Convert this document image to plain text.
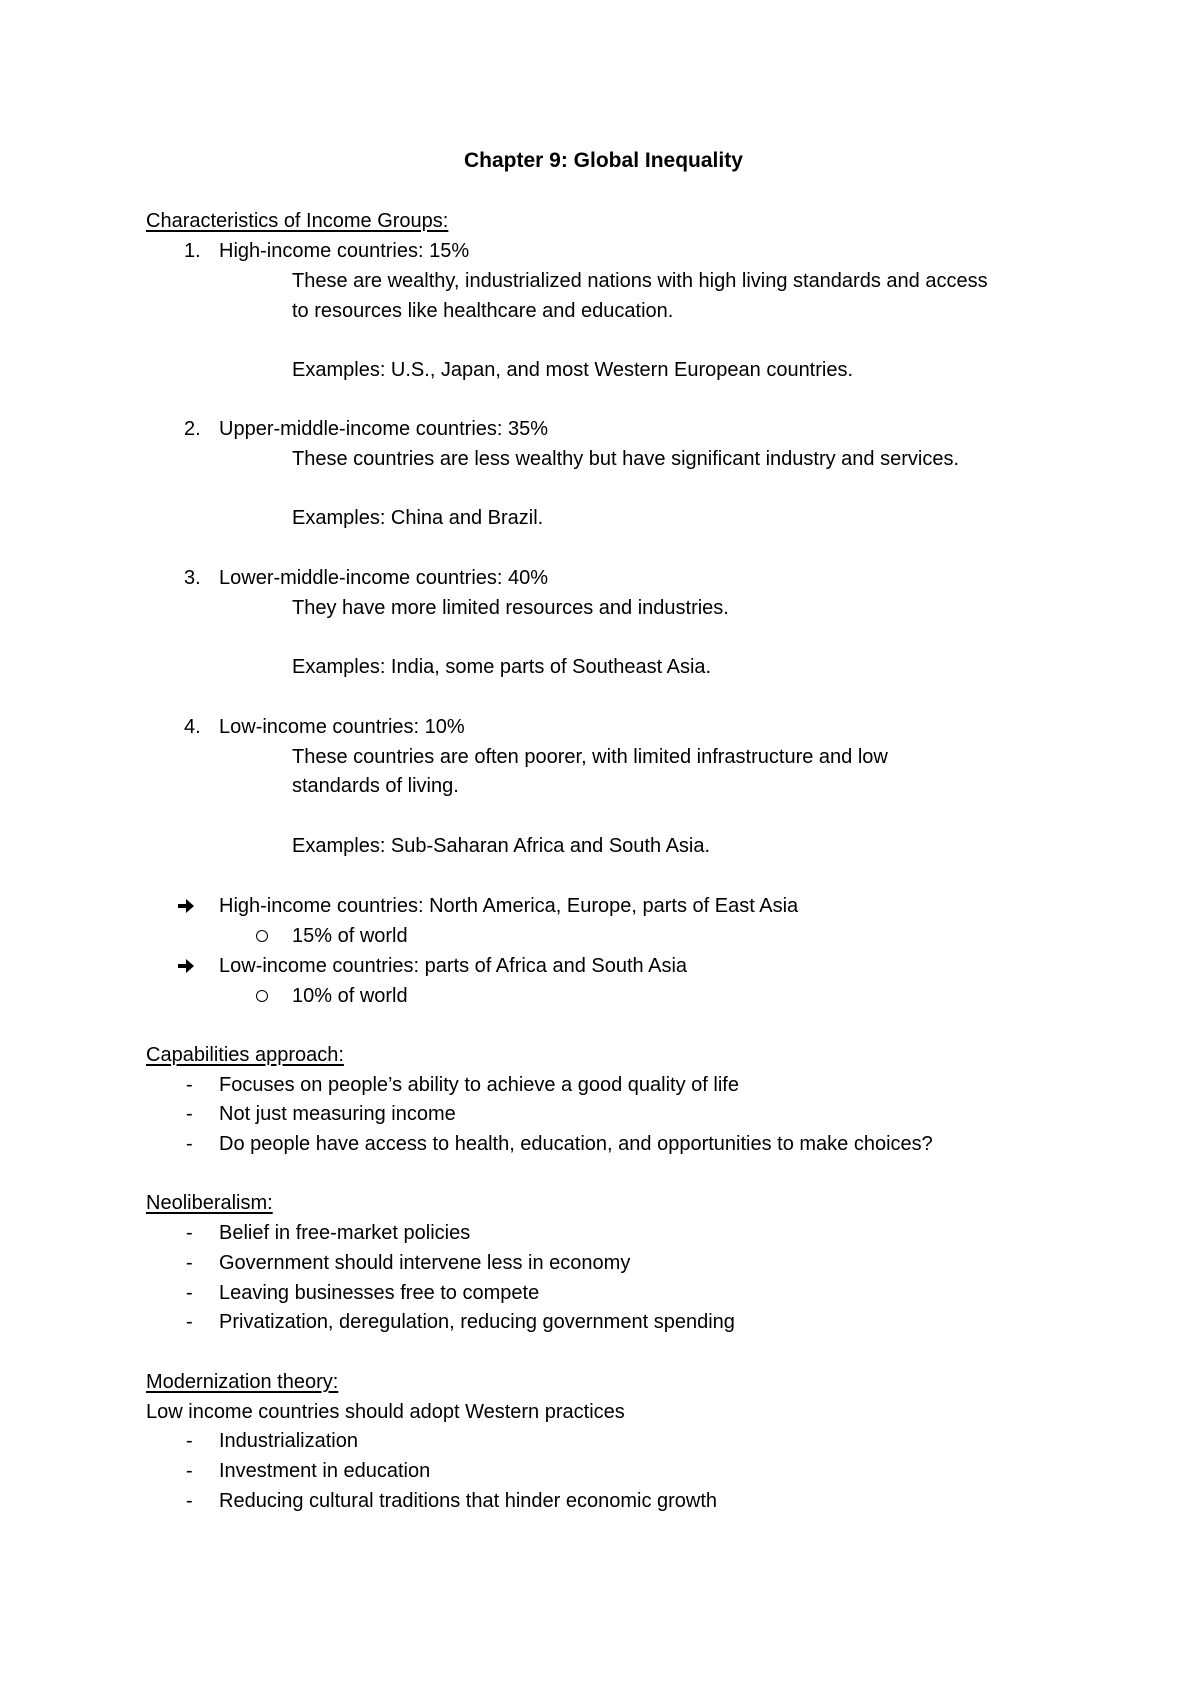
Chapter 9: Global Inequality
Characteristics of Income Groups:
1. High-income countries: 15%
These are wealthy, industrialized nations with high living standards and access
to resources like healthcare and education.
Examples: U.S., Japan, and most Western European countries.
2. Upper-middle-income countries: 35%
These countries are less wealthy but have significant industry and services.
Examples: China and Brazil.
3. Lower-middle-income countries: 40%
They have more limited resources and industries.
Examples: India, some parts of Southeast Asia.
4. Low-income countries: 10%
These countries are often poorer, with limited infrastructure and low
standards of living.
Examples: Sub-Saharan Africa and South Asia.
High-income countries: North America, Europe, parts of East Asia
15% of world
Low-income countries: parts of Africa and South Asia
10% of world
Capabilities approach:
- Focuses on people’s ability to achieve a good quality of life
- Not just measuring income
- Do people have access to health, education, and opportunities to make choices?
Neoliberalism:
- Belief in free-market policies
- Government should intervene less in economy
- Leaving businesses free to compete
- Privatization, deregulation, reducing government spending
Modernization theory:
Low income countries should adopt Western practices
- Industrialization
- Investment in education
- Reducing cultural traditions that hinder economic growth
